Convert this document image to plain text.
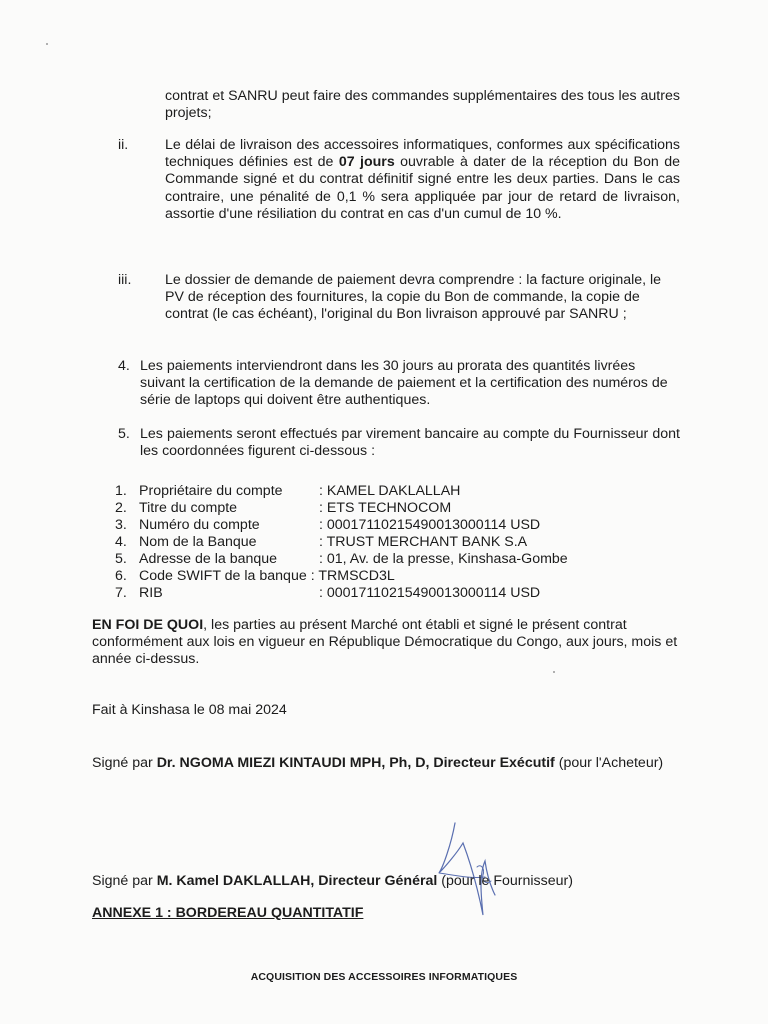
contrat et SANRU peut faire des commandes supplémentaires des tous les autres projets;
ii.	Le délai de livraison des accessoires informatiques, conformes aux spécifications techniques définies est de 07 jours ouvrable à dater de la réception du Bon de Commande signé et du contrat définitif signé entre les deux parties. Dans le cas contraire, une pénalité de 0,1 % sera appliquée par jour de retard de livraison, assortie d'une résiliation du contrat en cas d'un cumul de 10 %.
iii. Le dossier de demande de paiement devra comprendre : la facture originale, le PV de réception des fournitures, la copie du Bon de commande, la copie de contrat (le cas échéant), l'original du Bon livraison approuvé par SANRU ;
4. Les paiements interviendront dans les 30 jours au prorata des quantités livrées suivant la certification de la demande de paiement et la certification des numéros de série de laptops qui doivent être authentiques.
5. Les paiements seront effectués par virement bancaire au compte du Fournisseur dont les coordonnées figurent ci-dessous :
1. Propriétaire du compte	: KAMEL DAKLALLAH
2. Titre du compte	: ETS TECHNOCOM
3. Numéro du compte	: 00017110215490013000114 USD
4. Nom de la Banque	: TRUST MERCHANT BANK S.A
5. Adresse de la banque	: 01, Av. de la presse, Kinshasa-Gombe
6. Code SWIFT de la banque : TRMSCD3L
7. RIB	: 00017110215490013000114 USD
EN FOI DE QUOI, les parties au présent Marché ont établi et signé le présent contrat conformément aux lois en vigueur en République Démocratique du Congo, aux jours, mois et année ci-dessus.
Fait à Kinshasa le 08 mai 2024
Signé par Dr. NGOMA MIEZI KINTAUDI MPH, Ph, D, Directeur Exécutif (pour l'Acheteur)
Signé par M. Kamel DAKLALLAH, Directeur Général (pour le Fournisseur)
ANNEXE 1 : BORDEREAU QUANTITATIF
ACQUISITION DES ACCESSOIRES INFORMATIQUES
